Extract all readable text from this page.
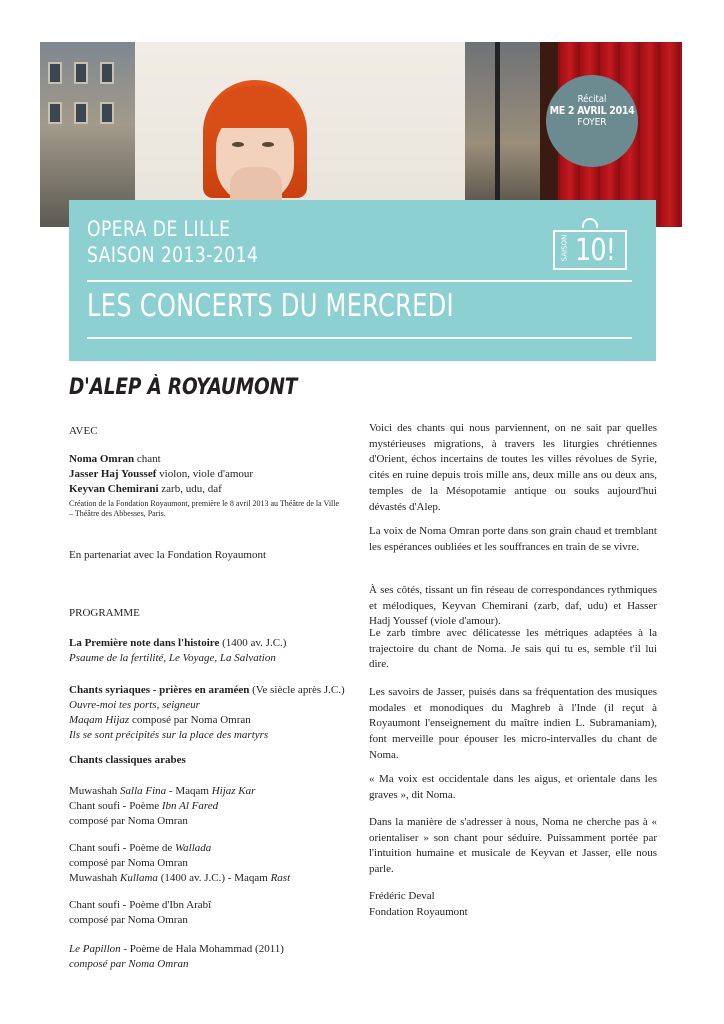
Récital
ME 2 AVRIL 2014
FOYER
OPERA DE LILLE
SAISON 2013-2014
LES CONCERTS DU MERCREDI
SAISON 10!
D'ALEP À ROYAUMONT
AVEC
Noma Omran chant
Jasser Haj Youssef violon, viole d'amour
Keyvan Chemirani zarb, udu, daf
Création de la Fondation Royaumont, première le 8 avril 2013 au Théâtre de la Ville – Théâtre des Abbesses, Paris.
En partenariat avec la Fondation Royaumont
PROGRAMME
La Première note dans l'histoire (1400 av. J.C.)
Psaume de la fertilité, Le Voyage, La Salvation
Chants syriaques - prières en araméen (Ve siècle après J.C.)
Ouvre-moi tes ports, seigneur
Maqam Hijaz composé par Noma Omran
Ils se sont précipités sur la place des martyrs
Chants classiques arabes
Muwashah Salla Fina - Maqam Hijaz Kar
Chant soufi - Poème Ibn Al Fared
composé par Noma Omran
Chant soufi - Poème de Wallada
composé par Noma Omran
Muwashah Kullama (1400 av. J.C.) - Maqam Rast
Chant soufi - Poème d'Ibn Arabî
composé par Noma Omran
Le Papillon - Poème de Hala Mohammad (2011)
composé par Noma Omran
Voici des chants qui nous parviennent, on ne sait par quelles mystérieuses migrations, à travers les liturgies chrétiennes d'Orient, échos incertains de toutes les villes révolues de Syrie, cités en ruine depuis trois mille ans, deux mille ans ou deux ans, temples de la Mésopotamie antique ou souks aujourd'hui dévastés d'Alep.
La voix de Noma Omran porte dans son grain chaud et tremblant les espérances oubliées et les souffrances en train de se vivre.
À ses côtés, tissant un fin réseau de correspondances rythmiques et mélodiques, Keyvan Chemirani (zarb, daf, udu) et Hasser Hadj Youssef (viole d'amour).
Le zarb timbre avec délicatesse les métriques adaptées à la trajectoire du chant de Noma. Je sais qui tu es, semble t'il lui dire.
Les savoirs de Jasser, puisés dans sa fréquentation des musiques modales et monodiques du Maghreb à l'Inde (il reçut à Royaumont l'enseignement du maître indien L. Subramaniam), font merveille pour épouser les micro-intervalles du chant de Noma.
« Ma voix est occidentale dans les aigus, et orientale dans les graves », dit Noma.
Dans la manière de s'adresser à nous, Noma ne cherche pas à « orientaliser » son chant pour séduire. Puissamment portée par l'intuition humaine et musicale de Keyvan et Jasser, elle nous parle.
Frédéric Deval
Fondation Royaumont
